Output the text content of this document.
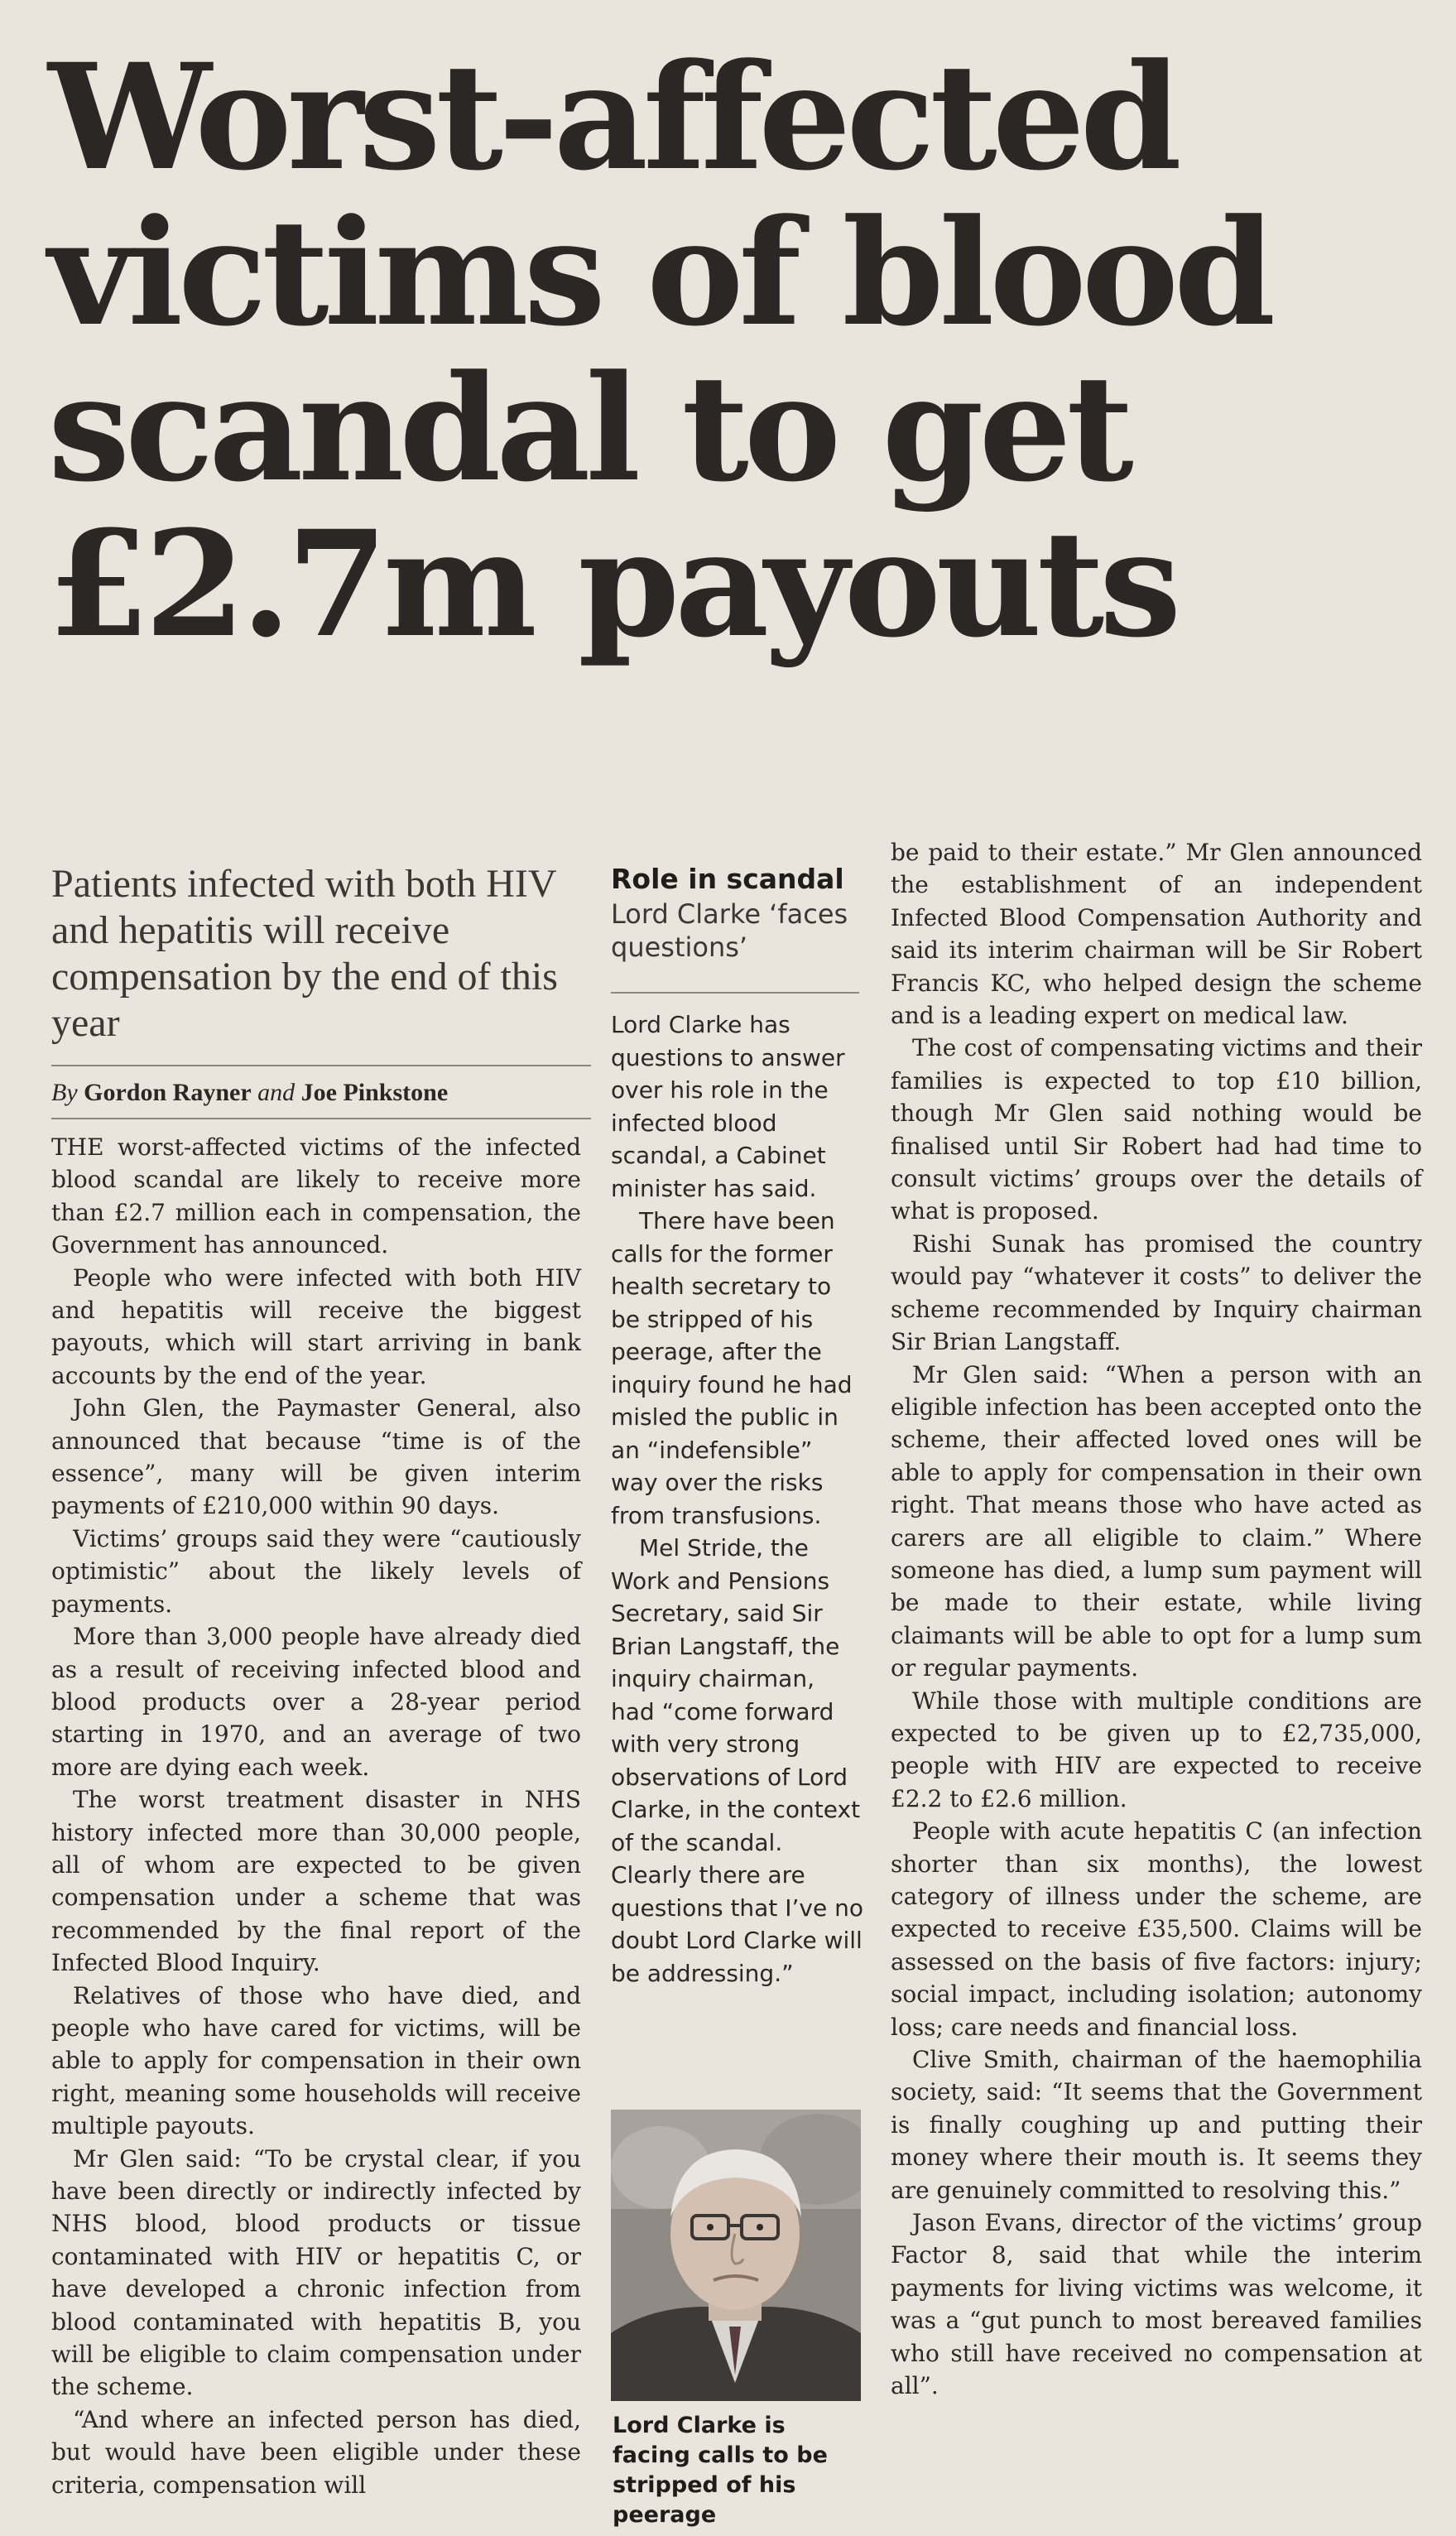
Worst-affected victims of blood scandal to get £2.7m payouts

Patients infected with both HIV and hepatitis will receive compensation by the end of this year

By Gordon Rayner and Joe Pinkstone

THE worst-affected victims of the infected blood scandal are likely to receive more than £2.7 million each in compensation, the Government has announced.

People who were infected with both HIV and hepatitis will receive the biggest payouts, which will start arriving in bank accounts by the end of the year.

John Glen, the Paymaster General, also announced that because “time is of the essence”, many will be given interim payments of £210,000 within 90 days.

Victims’ groups said they were “cautiously optimistic” about the likely levels of payments.

More than 3,000 people have already died as a result of receiving infected blood and blood products over a 28-year period starting in 1970, and an average of two more are dying each week.

The worst treatment disaster in NHS history infected more than 30,000 people, all of whom are expected to be given compensation under a scheme that was recommended by the final report of the Infected Blood Inquiry.

Relatives of those who have died, and people who have cared for victims, will be able to apply for compensation in their own right, meaning some households will receive multiple payouts.

Mr Glen said: “To be crystal clear, if you have been directly or indirectly infected by NHS blood, blood products or tissue contaminated with HIV or hepatitis C, or have developed a chronic infection from blood contaminated with hepatitis B, you will be eligible to claim compensation under the scheme.

“And where an infected person has died, but would have been eligible under these criteria, compensation will

Role in scandal
Lord Clarke ‘faces questions’

Lord Clarke has questions to answer over his role in the infected blood scandal, a Cabinet minister has said.

There have been calls for the former health secretary to be stripped of his peerage, after the inquiry found he had misled the public in an “indefensible” way over the risks from transfusions.

Mel Stride, the Work and Pensions Secretary, said Sir Brian Langstaff, the inquiry chairman, had “come forward with very strong observations of Lord Clarke, in the context of the scandal. Clearly there are questions that I’ve no doubt Lord Clarke will be addressing.”

Lord Clarke is facing calls to be stripped of his peerage

be paid to their estate.” Mr Glen announced the establishment of an independent Infected Blood Compensation Authority and said its interim chairman will be Sir Robert Francis KC, who helped design the scheme and is a leading expert on medical law.

The cost of compensating victims and their families is expected to top £10 billion, though Mr Glen said nothing would be finalised until Sir Robert had had time to consult victims’ groups over the details of what is proposed.

Rishi Sunak has promised the country would pay “whatever it costs” to deliver the scheme recommended by Inquiry chairman Sir Brian Langstaff.

Mr Glen said: “When a person with an eligible infection has been accepted onto the scheme, their affected loved ones will be able to apply for compensation in their own right. That means those who have acted as carers are all eligible to claim.” Where someone has died, a lump sum payment will be made to their estate, while living claimants will be able to opt for a lump sum or regular payments.

While those with multiple conditions are expected to be given up to £2,735,000, people with HIV are expected to receive £2.2 to £2.6 million.

People with acute hepatitis C (an infection shorter than six months), the lowest category of illness under the scheme, are expected to receive £35,500. Claims will be assessed on the basis of five factors: injury; social impact, including isolation; autonomy loss; care needs and financial loss.

Clive Smith, chairman of the haemophilia society, said: “It seems that the Government is finally coughing up and putting their money where their mouth is. It seems they are genuinely committed to resolving this.”

Jason Evans, director of the victims’ group Factor 8, said that while the interim payments for living victims was welcome, it was a “gut punch to most bereaved families who still have received no compensation at all”.
